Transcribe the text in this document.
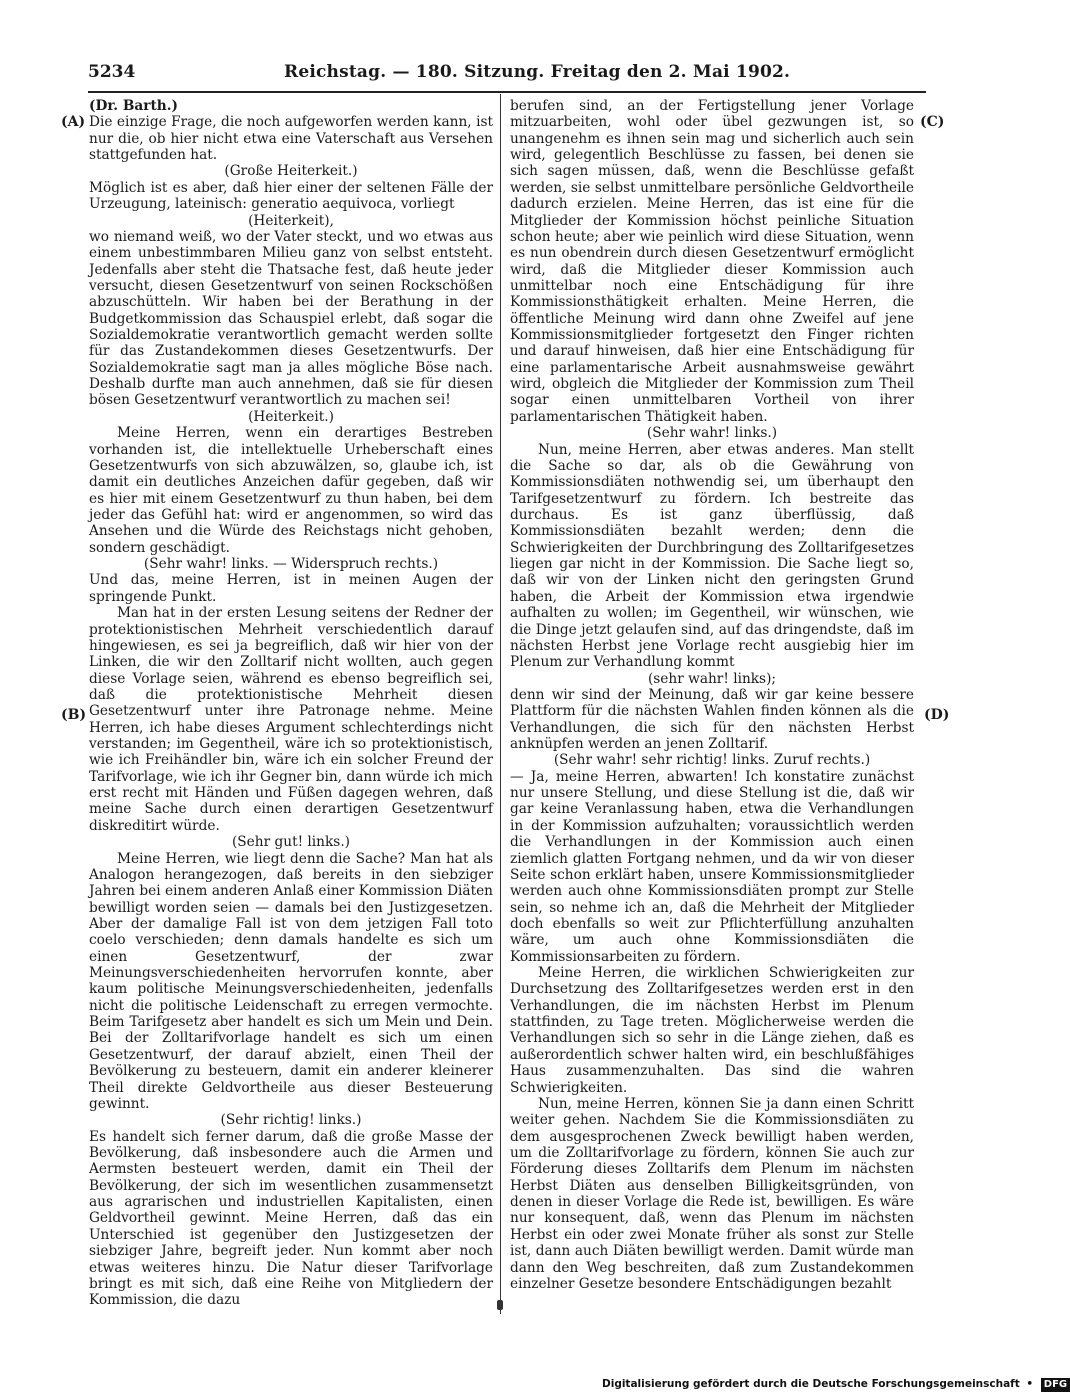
5234	Reichstag. — 180. Sitzung. Freitag den 2. Mai 1902.
(A)
(B)
(C)
(D)

(Dr. Barth.)

Die einzige Frage, die noch aufgeworfen werden kann, ist nur die, ob hier nicht etwa eine Vaterschaft aus Versehen stattgefunden hat.

(Große Heiterkeit.)

Möglich ist es aber, daß hier einer der seltenen Fälle der Urzeugung, lateinisch: generatio aequivoca, vorliegt

(Heiterkeit),

wo niemand weiß, wo der Vater steckt, und wo etwas aus einem unbestimmbaren Milieu ganz von selbst entsteht. Jedenfalls aber steht die Thatsache fest, daß heute jeder versucht, diesen Gesetzentwurf von seinen Rockschößen abzuschütteln. Wir haben bei der Berathung in der Budgetkommission das Schauspiel erlebt, daß sogar die Sozialdemokratie verantwortlich gemacht werden sollte für das Zustandekommen dieses Gesetzentwurfs. Der Sozialdemokratie sagt man ja alles mögliche Böse nach. Deshalb durfte man auch annehmen, daß sie für diesen bösen Gesetzentwurf verantwortlich zu machen sei!

(Heiterkeit.)

Meine Herren, wenn ein derartiges Bestreben vorhanden ist, die intellektuelle Urheberschaft eines Gesetzentwurfs von sich abzuwälzen, so, glaube ich, ist damit ein deutliches Anzeichen dafür gegeben, daß wir es hier mit einem Gesetzentwurf zu thun haben, bei dem jeder das Gefühl hat: wird er angenommen, so wird das Ansehen und die Würde des Reichstags nicht gehoben, sondern geschädigt.

(Sehr wahr! links. — Widerspruch rechts.)

Und das, meine Herren, ist in meinen Augen der springende Punkt.

Man hat in der ersten Lesung seitens der Redner der protektionistischen Mehrheit verschiedentlich darauf hingewiesen, es sei ja begreiflich, daß wir hier von der Linken, die wir den Zolltarif nicht wollten, auch gegen diese Vorlage seien, während es ebenso begreiflich sei, daß die protektionistische Mehrheit diesen Gesetzentwurf unter ihre Patronage nehme. Meine Herren, ich habe dieses Argument schlechterdings nicht verstanden; im Gegentheil, wäre ich so protektionistisch, wie ich Freihändler bin, wäre ich ein solcher Freund der Tarifvorlage, wie ich ihr Gegner bin, dann würde ich mich erst recht mit Händen und Füßen dagegen wehren, daß meine Sache durch einen derartigen Gesetzentwurf diskreditirt würde.

(Sehr gut! links.)

Meine Herren, wie liegt denn die Sache? Man hat als Analogon herangezogen, daß bereits in den siebziger Jahren bei einem anderen Anlaß einer Kommission Diäten bewilligt worden seien — damals bei den Justizgesetzen. Aber der damalige Fall ist von dem jetzigen Fall toto coelo verschieden; denn damals handelte es sich um einen Gesetzentwurf, der zwar Meinungsverschiedenheiten hervorrufen konnte, aber kaum politische Meinungsverschiedenheiten, jedenfalls nicht die politische Leidenschaft zu erregen vermochte. Beim Tarifgesetz aber handelt es sich um Mein und Dein. Bei der Zolltarifvorlage handelt es sich um einen Gesetzentwurf, der darauf abzielt, einen Theil der Bevölkerung zu besteuern, damit ein anderer kleinerer Theil direkte Geldvortheile aus dieser Besteuerung gewinnt.

(Sehr richtig! links.)

Es handelt sich ferner darum, daß die große Masse der Bevölkerung, daß insbesondere auch die Armen und Aermsten besteuert werden, damit ein Theil der Bevölkerung, der sich im wesentlichen zusammensetzt aus agrarischen und industriellen Kapitalisten, einen Geldvortheil gewinnt. Meine Herren, daß das ein Unterschied ist gegenüber den Justizgesetzen der siebziger Jahre, begreift jeder. Nun kommt aber noch etwas weiteres hinzu. Die Natur dieser Tarifvorlage bringt es mit sich, daß eine Reihe von Mitgliedern der Kommission, die dazu

berufen sind, an der Fertigstellung jener Vorlage mitzuarbeiten, wohl oder übel gezwungen ist, so unangenehm es ihnen sein mag und sicherlich auch sein wird, gelegentlich Beschlüsse zu fassen, bei denen sie sich sagen müssen, daß, wenn die Beschlüsse gefaßt werden, sie selbst unmittelbare persönliche Geldvortheile dadurch erzielen. Meine Herren, das ist eine für die Mitglieder der Kommission höchst peinliche Situation schon heute; aber wie peinlich wird diese Situation, wenn es nun obendrein durch diesen Gesetzentwurf ermöglicht wird, daß die Mitglieder dieser Kommission auch unmittelbar noch eine Entschädigung für ihre Kommissionsthätigkeit erhalten. Meine Herren, die öffentliche Meinung wird dann ohne Zweifel auf jene Kommissionsmitglieder fortgesetzt den Finger richten und darauf hinweisen, daß hier eine Entschädigung für eine parlamentarische Arbeit ausnahmsweise gewährt wird, obgleich die Mitglieder der Kommission zum Theil sogar einen unmittelbaren Vortheil von ihrer parlamentarischen Thätigkeit haben.

(Sehr wahr! links.)

Nun, meine Herren, aber etwas anderes. Man stellt die Sache so dar, als ob die Gewährung von Kommissionsdiäten nothwendig sei, um überhaupt den Tarifgesetzentwurf zu fördern. Ich bestreite das durchaus. Es ist ganz überflüssig, daß Kommissionsdiäten bezahlt werden; denn die Schwierigkeiten der Durchbringung des Zolltarifgesetzes liegen gar nicht in der Kommission. Die Sache liegt so, daß wir von der Linken nicht den geringsten Grund haben, die Arbeit der Kommission etwa irgendwie aufhalten zu wollen; im Gegentheil, wir wünschen, wie die Dinge jetzt gelaufen sind, auf das dringendste, daß im nächsten Herbst jene Vorlage recht ausgiebig hier im Plenum zur Verhandlung kommt

(sehr wahr! links);

denn wir sind der Meinung, daß wir gar keine bessere Plattform für die nächsten Wahlen finden können als die Verhandlungen, die sich für den nächsten Herbst anknüpfen werden an jenen Zolltarif.

(Sehr wahr! sehr richtig! links. Zuruf rechts.)

— Ja, meine Herren, abwarten! Ich konstatire zunächst nur unsere Stellung, und diese Stellung ist die, daß wir gar keine Veranlassung haben, etwa die Verhandlungen in der Kommission aufzuhalten; voraussichtlich werden die Verhandlungen in der Kommission auch einen ziemlich glatten Fortgang nehmen, und da wir von dieser Seite schon erklärt haben, unsere Kommissionsmitglieder werden auch ohne Kommissionsdiäten prompt zur Stelle sein, so nehme ich an, daß die Mehrheit der Mitglieder doch ebenfalls so weit zur Pflichterfüllung anzuhalten wäre, um auch ohne Kommissionsdiäten die Kommissionsarbeiten zu fördern.

Meine Herren, die wirklichen Schwierigkeiten zur Durchsetzung des Zolltarifgesetzes werden erst in den Verhandlungen, die im nächsten Herbst im Plenum stattfinden, zu Tage treten. Möglicherweise werden die Verhandlungen sich so sehr in die Länge ziehen, daß es außerordentlich schwer halten wird, ein beschlußfähiges Haus zusammenzuhalten. Das sind die wahren Schwierigkeiten.

Nun, meine Herren, können Sie ja dann einen Schritt weiter gehen. Nachdem Sie die Kommissionsdiäten zu dem ausgesprochenen Zweck bewilligt haben werden, um die Zolltarifvorlage zu fördern, können Sie auch zur Förderung dieses Zolltarifs dem Plenum im nächsten Herbst Diäten aus denselben Billigkeitsgründen, von denen in dieser Vorlage die Rede ist, bewilligen. Es wäre nur konsequent, daß, wenn das Plenum im nächsten Herbst ein oder zwei Monate früher als sonst zur Stelle ist, dann auch Diäten bewilligt werden. Damit würde man dann den Weg beschreiten, daß zum Zustandekommen einzelner Gesetze besondere Entschädigungen bezahlt

Digitalisierung gefördert durch die Deutsche Forschungsgemeinschaft • DFG
